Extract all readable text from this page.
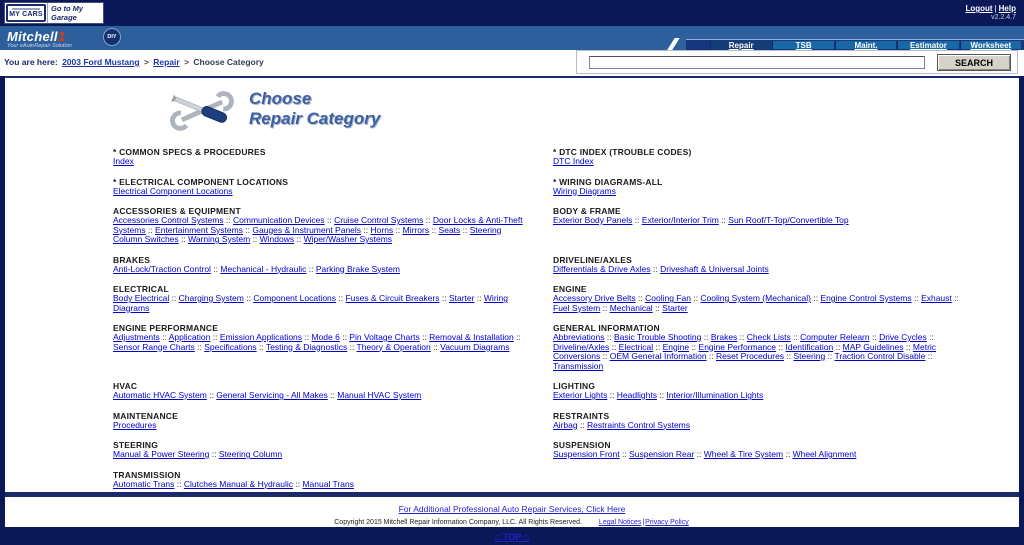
MY CARS
Go to My Garage
Logout | Help
v2.2.4.7
Mitchell1
Your eAutoRepair Solution
DIY
Repair	TSB	Maint.	Estimator	Worksheet
You are here: 2003 Ford Mustang > Repair > Choose Category	SEARCH
Choose
Repair Category
* COMMON SPECS & PROCEDURES
Index
* DTC INDEX (TROUBLE CODES)
DTC Index
* ELECTRICAL COMPONENT LOCATIONS
Electrical Component Locations
* WIRING DIAGRAMS-ALL
Wiring Diagrams
ACCESSORIES & EQUIPMENT
Accessories Control Systems :: Communication Devices :: Cruise Control Systems :: Door Locks & Anti-Theft Systems :: Entertainment Systems :: Gauges & Instrument Panels :: Horns :: Mirrors :: Seats :: Steering Column Switches :: Warning System :: Windows :: Wiper/Washer Systems
BODY & FRAME
Exterior Body Panels :: Exterior/Interior Trim :: Sun Roof/T-Top/Convertible Top
BRAKES
Anti-Lock/Traction Control :: Mechanical - Hydraulic :: Parking Brake System
DRIVELINE/AXLES
Differentials & Drive Axles :: Driveshaft & Universal Joints
ELECTRICAL
Body Electrical :: Charging System :: Component Locations :: Fuses & Circuit Breakers :: Starter :: Wiring Diagrams
ENGINE
Accessory Drive Belts :: Cooling Fan :: Cooling System (Mechanical) :: Engine Control Systems :: Exhaust :: Fuel System :: Mechanical :: Starter
ENGINE PERFORMANCE
Adjustments :: Application :: Emission Applications :: Mode 6 :: Pin Voltage Charts :: Removal & Installation :: Sensor Range Charts :: Specifications :: Testing & Diagnostics :: Theory & Operation :: Vacuum Diagrams
GENERAL INFORMATION
Abbreviations :: Basic Trouble Shooting :: Brakes :: Check Lists :: Computer Relearn :: Drive Cycles :: Driveline/Axles :: Electrical :: Engine :: Engine Performance :: Identification :: MAP Guidelines :: Metric Conversions :: OEM General Information :: Reset Procedures :: Steering :: Traction Control Disable :: Transmission
HVAC
Automatic HVAC System :: General Servicing - All Makes :: Manual HVAC System
LIGHTING
Exterior Lights :: Headlights :: Interior/Illumination Lights
MAINTENANCE
Procedures
RESTRAINTS
Airbag :: Restraints Control Systems
STEERING
Manual & Power Steering :: Steering Column
SUSPENSION
Suspension Front :: Suspension Rear :: Wheel & Tire System :: Wheel Alignment
TRANSMISSION
Automatic Trans :: Clutches Manual & Hydraulic :: Manual Trans
For Additional Professional Auto Repair Services, Click Here
Copyright 2015 Mitchell Repair Information Company, LLC. All Rights Reserved. Legal Notices|Privacy Policy
:: TOP ::
